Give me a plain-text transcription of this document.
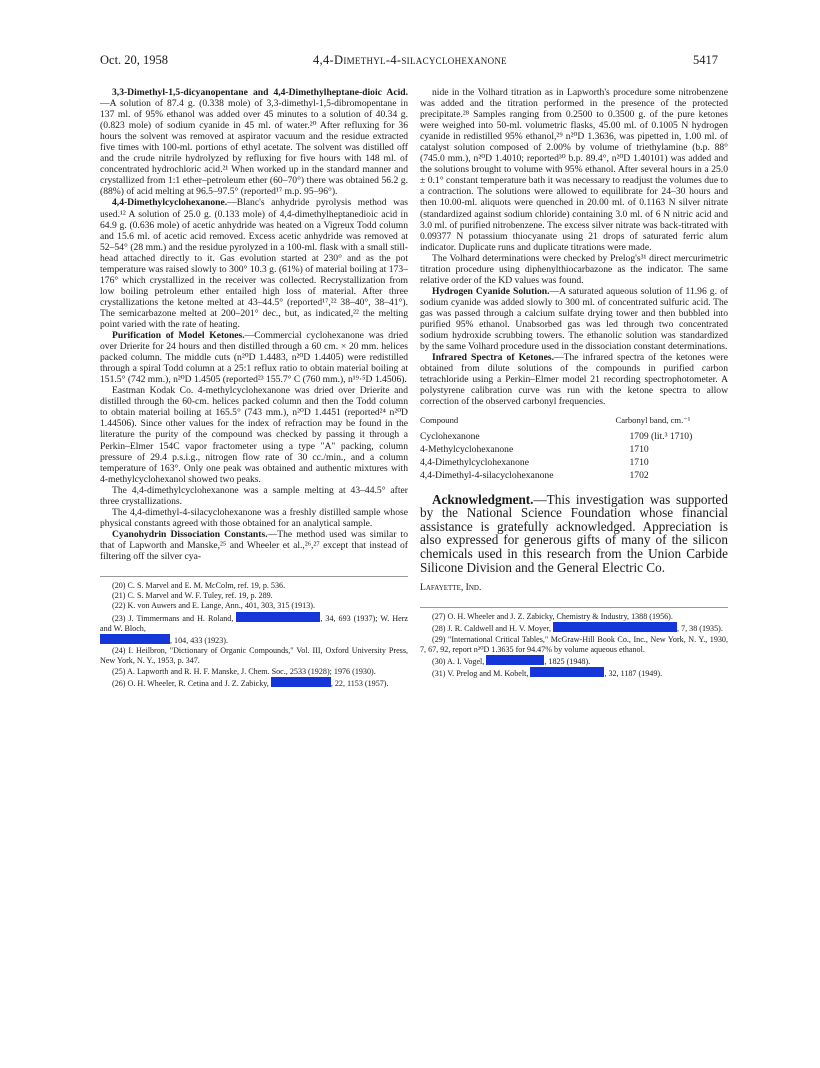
Oct. 20, 1958	4,4-Dimethyl-4-silacyclohexanone	5417

3,3-Dimethyl-1,5-dicyanopentane and 4,4-Dimethylheptane-dioic Acid.—A solution of 87.4 g. (0.338 mole) of 3,3-dimethyl-1,5-dibromopentane in 137 ml. of 95% ethanol was added over 45 minutes to a solution of 40.34 g. (0.823 mole) of sodium cyanide in 45 ml. of water.²⁰ After refluxing for 36 hours the solvent was removed at aspirator vacuum and the residue extracted five times with 100-ml. portions of ethyl acetate. The solvent was distilled off and the crude nitrile hydrolyzed by refluxing for five hours with 148 ml. of concentrated hydrochloric acid.²¹ When worked up in the standard manner and crystallized from 1:1 ether–petroleum ether (60–70°) there was obtained 56.2 g. (88%) of acid melting at 96.5–97.5° (reported¹⁷ m.p. 95–96°).

4,4-Dimethylcyclohexanone.—Blanc's anhydride pyrolysis method was used.¹² A solution of 25.0 g. (0.133 mole) of 4,4-dimethylheptanedioic acid in 64.9 g. (0.636 mole) of acetic anhydride was heated on a Vigreux Todd column and 15.6 ml. of acetic acid removed. Excess acetic anhydride was removed at 52–54° (28 mm.) and the residue pyrolyzed in a 100-ml. flask with a small still-head attached directly to it. Gas evolution started at 230° and as the pot temperature was raised slowly to 300° 10.3 g. (61%) of material boiling at 173–176° which crystallized in the receiver was collected. Recrystallization from low boiling petroleum ether entailed high loss of material. After three crystallizations the ketone melted at 43–44.5° (reported¹⁷,²² 38–40°, 38–41°). The semicarbazone melted at 200–201° dec., but, as indicated,²² the melting point varied with the rate of heating.

Purification of Model Ketones.—Commercial cyclohexanone was dried over Drierite for 24 hours and then distilled through a 60 cm. × 20 mm. helices packed column. The middle cuts (n²⁰D 1.4483, n²⁰D 1.4405) were redistilled through a spiral Todd column at a 25:1 reflux ratio to obtain material boiling at 151.5° (742 mm.), n²⁰D 1.4505 (reported²³ 155.7° C (760 mm.), n¹⁹·⁵D 1.4506).

Eastman Kodak Co. 4-methylcyclohexanone was dried over Drierite and distilled through the 60-cm. helices packed column and then the Todd column to obtain material boiling at 165.5° (743 mm.), n²⁰D 1.4451 (reported²⁴ n²⁰D 1.44506). Since other values for the index of refraction may be found in the literature the purity of the compound was checked by passing it through a Perkin–Elmer 154C vapor fractometer using a type "A" packing, column pressure of 29.4 p.s.i.g., nitrogen flow rate of 30 cc./min., and a column temperature of 163°. Only one peak was obtained and authentic mixtures with 4-methylcyclohexanol showed two peaks.

The 4,4-dimethylcyclohexanone was a sample melting at 43–44.5° after three crystallizations.

The 4,4-dimethyl-4-silacyclohexanone was a freshly distilled sample whose physical constants agreed with those obtained for an analytical sample.

Cyanohydrin Dissociation Constants.—The method used was similar to that of Lapworth and Manske,²⁵ and Wheeler et al.,²⁶,²⁷ except that instead of filtering off the silver cya-

(20) C. S. Marvel and E. M. McColm, ref. 19, p. 536.

(21) C. S. Marvel and W. F. Tuley, ref. 19, p. 289.

(22) K. von Auwers and E. Lange, Ann., 401, 303, 315 (1913).

(23) J. Timmermans and H. Roland,	, 34, 693 (1937); W. Herz and W. Bloch,

, 104, 433 (1923).

(24) I. Heilbron, "Dictionary of Organic Compounds," Vol. III, Oxford University Press, New York, N. Y., 1953, p. 347.

(25) A. Lapworth and R. H. F. Manske, J. Chem. Soc., 2533 (1928); 1976 (1930).

(26) O. H. Wheeler, R. Cetina and J. Z. Zabicky,	, 22, 1153 (1957).

nide in the Volhard titration as in Lapworth's procedure some nitrobenzene was added and the titration performed in the presence of the protected precipitate.²⁸ Samples ranging from 0.2500 to 0.3500 g. of the pure ketones were weighed into 50-ml. volumetric flasks, 45.00 ml. of 0.1005 N hydrogen cyanide in redistilled 95% ethanol,²⁹ n²⁰D 1.3636, was pipetted in, 1.00 ml. of catalyst solution composed of 2.00% by volume of triethylamine (b.p. 88° (745.0 mm.), n²⁰D 1.4010; reported³⁰ b.p. 89.4°, n²⁰D 1.40101) was added and the solutions brought to volume with 95% ethanol. After several hours in a 25.0 ± 0.1° constant temperature bath it was necessary to readjust the volumes due to a contraction. The solutions were allowed to equilibrate for 24–30 hours and then 10.00-ml. aliquots were quenched in 20.00 ml. of 0.1163 N silver nitrate (standardized against sodium chloride) containing 3.0 ml. of 6 N nitric acid and 3.0 ml. of purified nitrobenzene. The excess silver nitrate was back-titrated with 0.09377 N potassium thiocyanate using 21 drops of saturated ferric alum indicator. Duplicate runs and duplicate titrations were made.

The Volhard determinations were checked by Prelog's³¹ direct mercurimetric titration procedure using diphenylthiocarbazone as the indicator. The same relative order of the KD values was found.

Hydrogen Cyanide Solution.—A saturated aqueous solution of 11.96 g. of sodium cyanide was added slowly to 300 ml. of concentrated sulfuric acid. The gas was passed through a calcium sulfate drying tower and then bubbled into purified 95% ethanol. Unabsorbed gas was led through two concentrated sodium hydroxide scrubbing towers. The ethanolic solution was standardized by the same Volhard procedure used in the dissociation constant determinations.

Infrared Spectra of Ketones.—The infrared spectra of the ketones were obtained from dilute solutions of the compounds in purified carbon tetrachloride using a Perkin–Elmer model 21 recording spectrophotometer. A polystyrene calibration curve was run with the ketone spectra to allow correction of the observed carbonyl frequencies.

Compound	Carbonyl band, cm.⁻¹
Cyclohexanone	1709 (lit.³ 1710)
4-Methylcyclohexanone	1710
4,4-Dimethylcyclohexanone	1710
4,4-Dimethyl-4-silacyclohexanone	1702

Acknowledgment.—This investigation was supported by the National Science Foundation whose financial assistance is gratefully acknowledged. Appreciation is also expressed for generous gifts of many of the silicon chemicals used in this research from the Union Carbide Silicone Division and the General Electric Co.

Lafayette, Ind.

(27) O. H. Wheeler and J. Z. Zabicky, Chemistry & Industry, 1388 (1956).

(28) J. R. Caldwell and H. V. Moyer,	, 7, 38 (1935).

(29) "International Critical Tables," McGraw-Hill Book Co., Inc., New York, N. Y., 1930, 7, 67, 92, report n²⁰D 1.3635 for 94.47% by volume aqueous ethanol.

(30) A. I. Vogel,	, 1825 (1948).

(31) V. Prelog and M. Kobelt,	, 32, 1187 (1949).
